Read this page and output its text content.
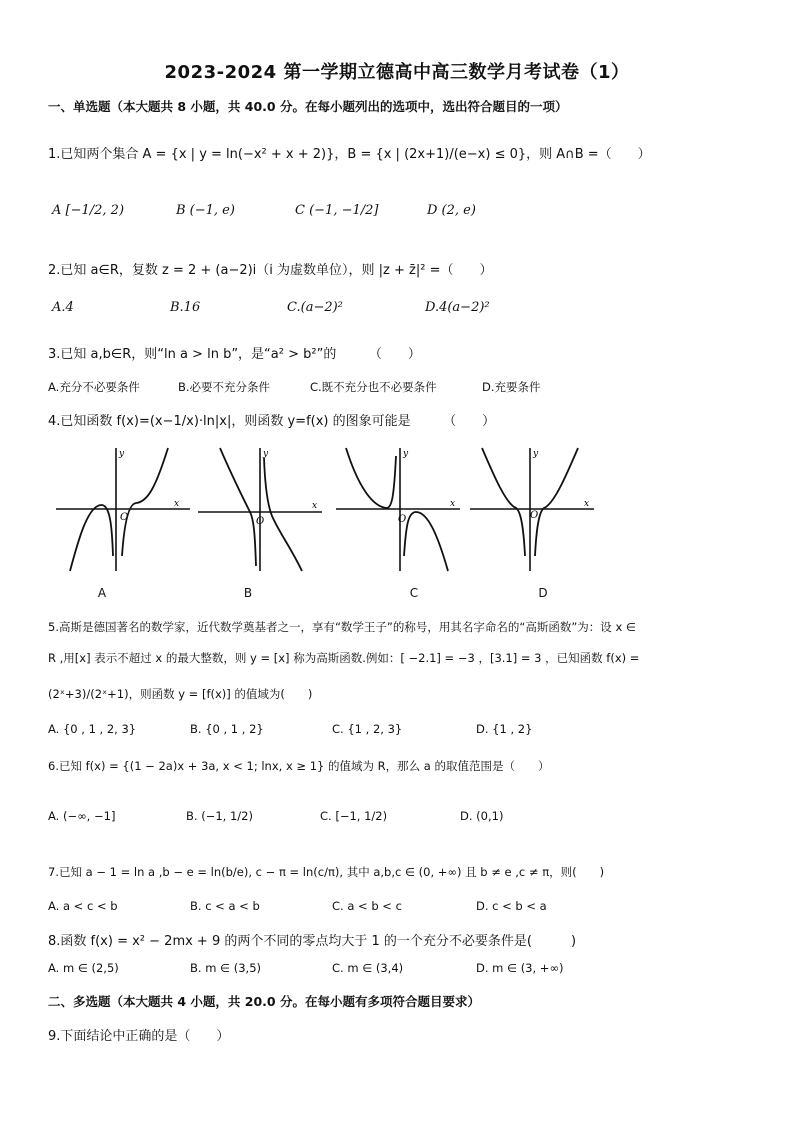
2023-2024 第一学期立德高中高三数学月考试卷（1）
一、单选题（本大题共 8 小题，共 40.0 分。在每小题列出的选项中，选出符合题目的一项）
1.已知两个集合 A = {x | y = ln(−x² + x + 2)}，B = {x | (2x+1)/(e−x) ≤ 0}，则 A∩B =（　　）
A [−1/2, 2)	B (−1, e)	C (−1, −1/2]	D (2, e)
2.已知 a∈R，复数 z = 2 + (a−2)i（i 为虚数单位），则 |z + z̄|² =（　　）
A.4	B.16	C.(a−2)²	D.4(a−2)²
3.已知 a,b∈R，则“ln a > ln b”，是“a² > b²”的　　　（　　）
A.充分不必要条件	B.必要不充分条件	C.既不充分也不必要条件	D.充要条件
4.已知函数 f(x)=(x−1/x)·ln|x|，则函数 y=f(x) 的图象可能是　　　（　　）
x
y
O
A
x
y
O
B
x
y
O
C
x
y
O
D
5.高斯是德国著名的数学家，近代数学奠基者之一，享有“数学王子”的称号，用其名字命名的“高斯函数”为：设 x ∈
R ,用[x] 表示不超过 x 的最大整数，则 y = [x] 称为高斯函数.例如：[ −2.1] = −3 ，[3.1] = 3 ，已知函数 f(x) =
(2ˣ+3)/(2ˣ+1)，则函数 y = [f(x)] 的值域为(　　)
A. {0 , 1 , 2, 3}	B. {0 , 1 , 2}	C. {1 , 2, 3}	D. {1 , 2}
6.已知 f(x) = {(1 − 2a)x + 3a, x < 1; lnx, x ≥ 1} 的值域为 R，那么 a 的取值范围是（　　）
A. (−∞, −1]	B. (−1, 1/2)	C. [−1, 1/2)	D. (0,1)
7.已知 a − 1 = ln a ,b − e = ln(b/e), c − π = ln(c/π), 其中 a,b,c ∈ (0, +∞) 且 b ≠ e ,c ≠ π，则(　　)
A. a < c < b	B. c < a < b	C. a < b < c	D. c < b < a
8.函数 f(x) = x² − 2mx + 9 的两个不同的零点均大于 1 的一个充分不必要条件是(　　　)
A. m ∈ (2,5)	B. m ∈ (3,5)	C. m ∈ (3,4)	D. m ∈ (3, +∞)
二、多选题（本大题共 4 小题，共 20.0 分。在每小题有多项符合题目要求）
9.下面结论中正确的是（　　）
